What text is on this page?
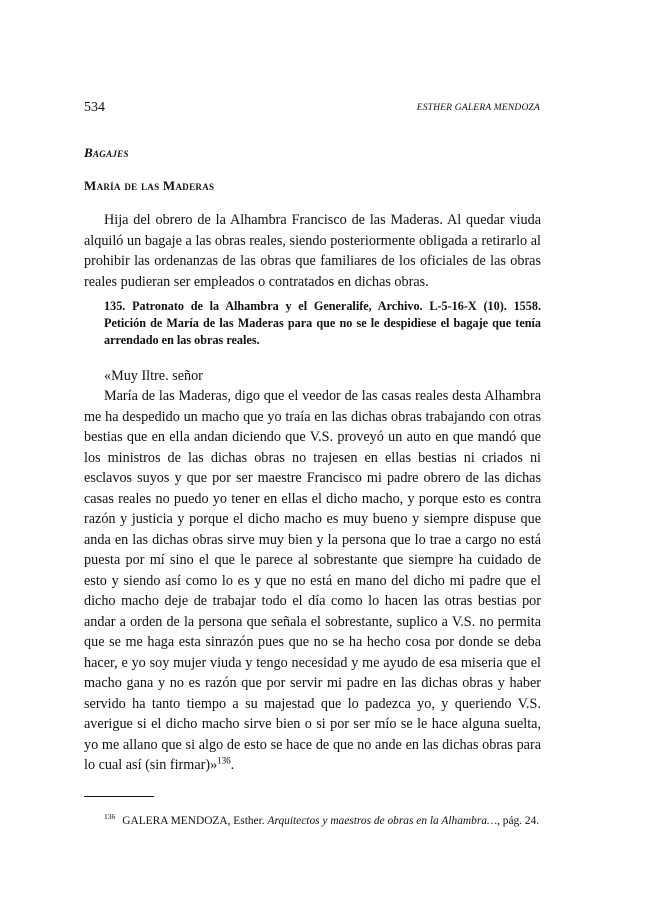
534	ESTHER GALERA MENDOZA
Bagajes
María de las Maderas

Hija del obrero de la Alhambra Francisco de las Maderas. Al quedar viuda alquiló un bagaje a las obras reales, siendo posteriormente obligada a retirarlo al prohibir las ordenanzas de las obras que familiares de los oficiales de las obras reales pudieran ser empleados o contratados en dichas obras.

135. Patronato de la Alhambra y el Generalife, Archivo. L-5-16-X (10). 1558. Petición de María de las Maderas para que no se le despidiese el bagaje que tenía arrendado en las obras reales.

«Muy Iltre. señor

María de las Maderas, digo que el veedor de las casas reales desta Alhambra me ha despedido un macho que yo traía en las dichas obras trabajando con otras bestias que en ella andan diciendo que V.S. proveyó un auto en que mandó que los ministros de las dichas obras no trajesen en ellas bestias ni criados ni esclavos suyos y que por ser maestre Francisco mi padre obrero de las dichas casas reales no puedo yo tener en ellas el dicho macho, y porque esto es contra razón y justicia y porque el dicho macho es muy bueno y siempre dispuse que anda en las dichas obras sirve muy bien y la persona que lo trae a cargo no está puesta por mí sino el que le parece al sobrestante que siempre ha cuidado de esto y siendo así como lo es y que no está en mano del dicho mi padre que el dicho macho deje de trabajar todo el día como lo hacen las otras bestias por andar a orden de la persona que señala el sobrestante, suplico a V.S. no permita que se me haga esta sinrazón pues que no se ha hecho cosa por donde se deba hacer, e yo soy mujer viuda y tengo necesidad y me ayudo de esa miseria que el macho gana y no es razón que por servir mi padre en las dichas obras y haber servido ha tanto tiempo a su majestad que lo padezca yo, y queriendo V.S. averigue si el dicho macho sirve bien o si por ser mío se le hace alguna suelta, yo me allano que si algo de esto se hace de que no ande en las dichas obras para lo cual así (sin firmar)»$^{136}$.

$^{136}$ GALERA MENDOZA, Esther. Arquitectos y maestros de obras en la Alhambra…, pág. 24.
